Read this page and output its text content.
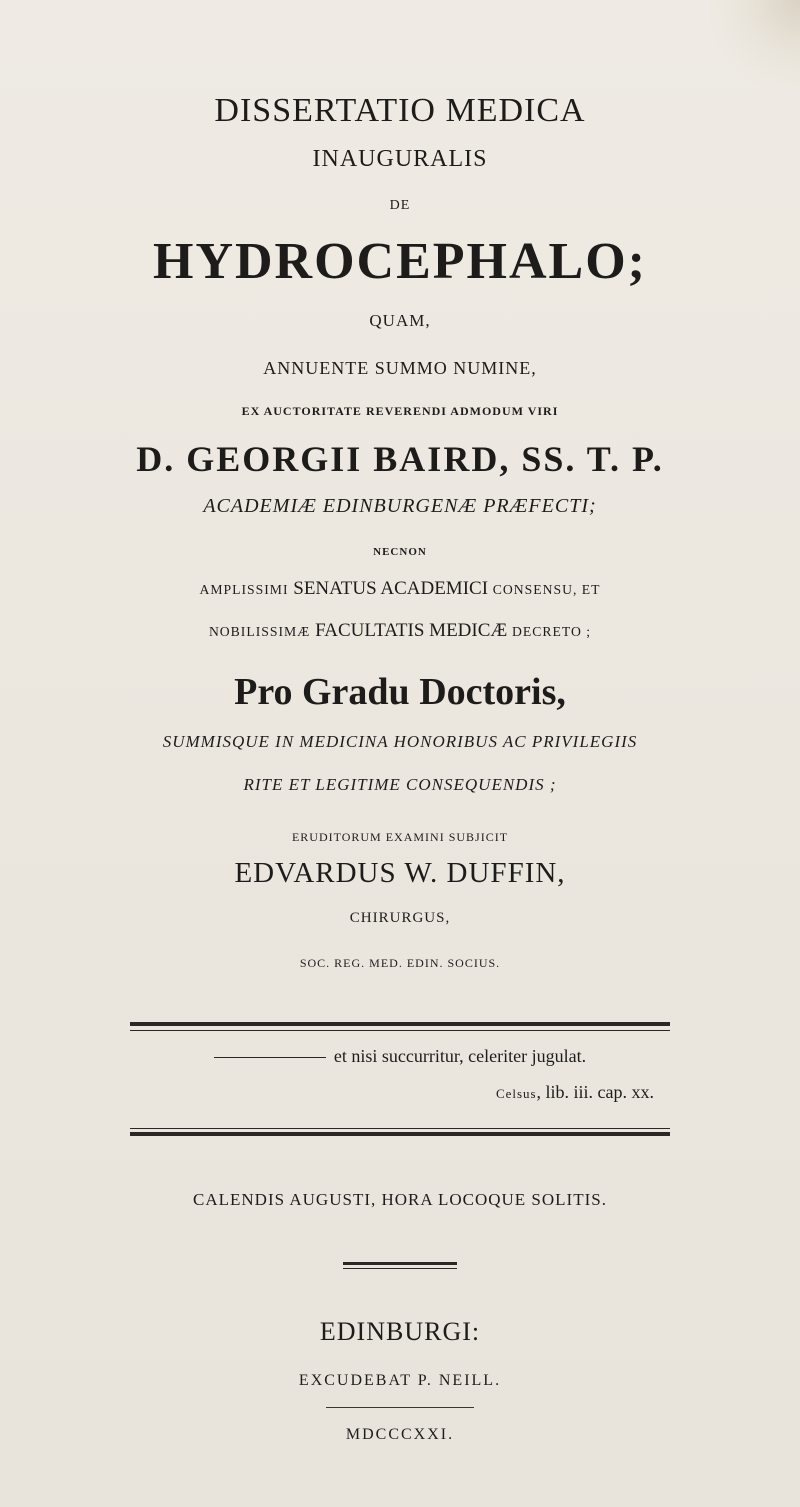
DISSERTATIO MEDICA
INAUGURALIS
DE
HYDROCEPHALO;
QUAM,
ANNUENTE SUMMO NUMINE,
EX AUCTORITATE REVERENDI ADMODUM VIRI
D. GEORGII BAIRD, SS. T. P.
ACADEMIÆ EDINBURGENÆ PRÆFECTI;
NECNON
AMPLISSIMI SENATUS ACADEMICI CONSENSU, ET
NOBILISSIMÆ FACULTATIS MEDICÆ DECRETO ;
Pro Gradu Doctoris,
SUMMISQUE IN MEDICINA HONORIBUS AC PRIVILEGIIS
RITE ET LEGITIME CONSEQUENDIS ;
ERUDITORUM EXAMINI SUBJICIT
EDVARDUS W. DUFFIN,
CHIRURGUS,
SOC. REG. MED. EDIN. SOCIUS.
et nisi succurritur, celeriter jugulat.
Celsus, lib. iii. cap. xx.
CALENDIS AUGUSTI, HORA LOCOQUE SOLITIS.
EDINBURGI:
EXCUDEBAT P. NEILL.
MDCCCXXI.
